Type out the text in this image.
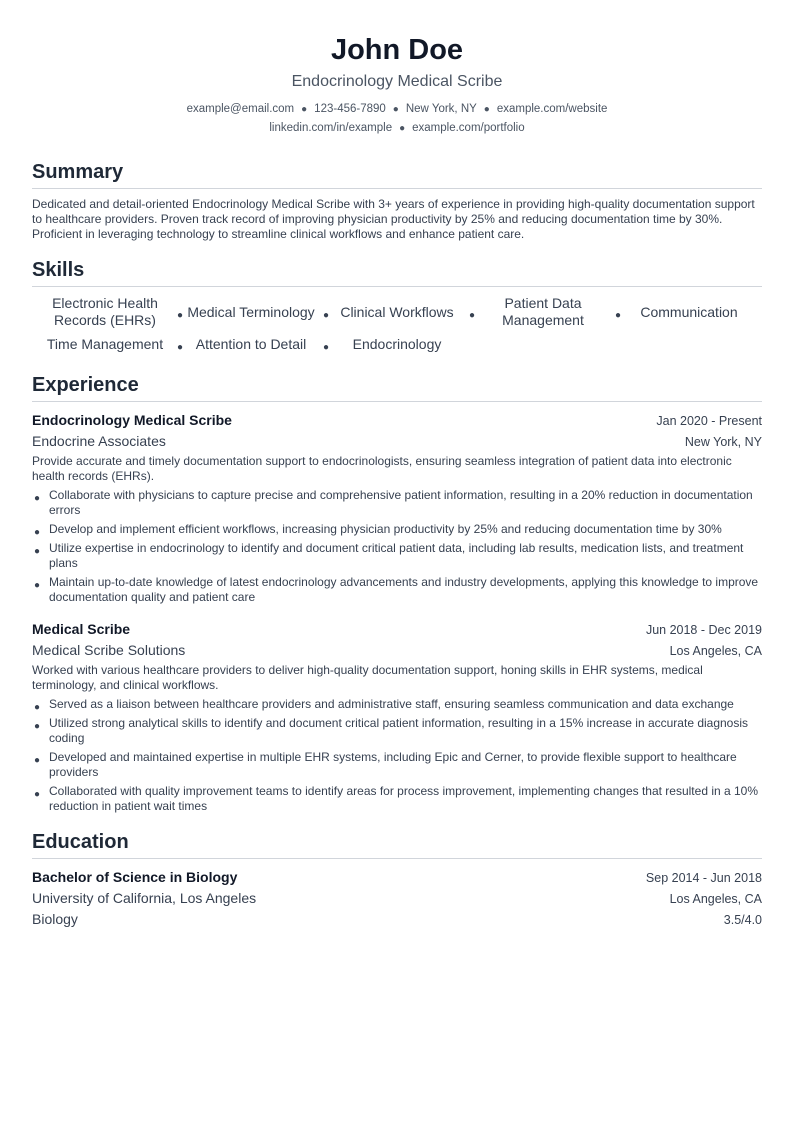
John Doe
Endocrinology Medical Scribe
example@email.com ● 123-456-7890 ● New York, NY ● example.com/website
linkedin.com/in/example ● example.com/portfolio
Summary
Dedicated and detail-oriented Endocrinology Medical Scribe with 3+ years of experience in providing high-quality documentation support to healthcare providers. Proven track record of improving physician productivity by 25% and reducing documentation time by 30%. Proficient in leveraging technology to streamline clinical workflows and enhance patient care.
Skills
Electronic Health Records (EHRs)	● Medical Terminology ● Clinical Workflows ●
Patient Data Management	● Communication
Time Management ● Attention to Detail ● Endocrinology
Experience
Endocrinology Medical Scribe	Jan 2020 - Present
Endocrine Associates	New York, NY
Provide accurate and timely documentation support to endocrinologists, ensuring seamless integration of patient data into electronic health records (EHRs).
● Collaborate with physicians to capture precise and comprehensive patient information, resulting in a 20% reduction in documentation errors
● Develop and implement efficient workflows, increasing physician productivity by 25% and reducing documentation time by 30%
● Utilize expertise in endocrinology to identify and document critical patient data, including lab results, medication lists, and treatment plans
● Maintain up-to-date knowledge of latest endocrinology advancements and industry developments, applying this knowledge to improve documentation quality and patient care
Medical Scribe	Jun 2018 - Dec 2019
Medical Scribe Solutions	Los Angeles, CA
Worked with various healthcare providers to deliver high-quality documentation support, honing skills in EHR systems, medical terminology, and clinical workflows.
● Served as a liaison between healthcare providers and administrative staff, ensuring seamless communication and data exchange
● Utilized strong analytical skills to identify and document critical patient information, resulting in a 15% increase in accurate diagnosis coding
● Developed and maintained expertise in multiple EHR systems, including Epic and Cerner, to provide flexible support to healthcare providers
● Collaborated with quality improvement teams to identify areas for process improvement, implementing changes that resulted in a 10% reduction in patient wait times
Education
Bachelor of Science in Biology	Sep 2014 - Jun 2018
University of California, Los Angeles	Los Angeles, CA
Biology	3.5/4.0
